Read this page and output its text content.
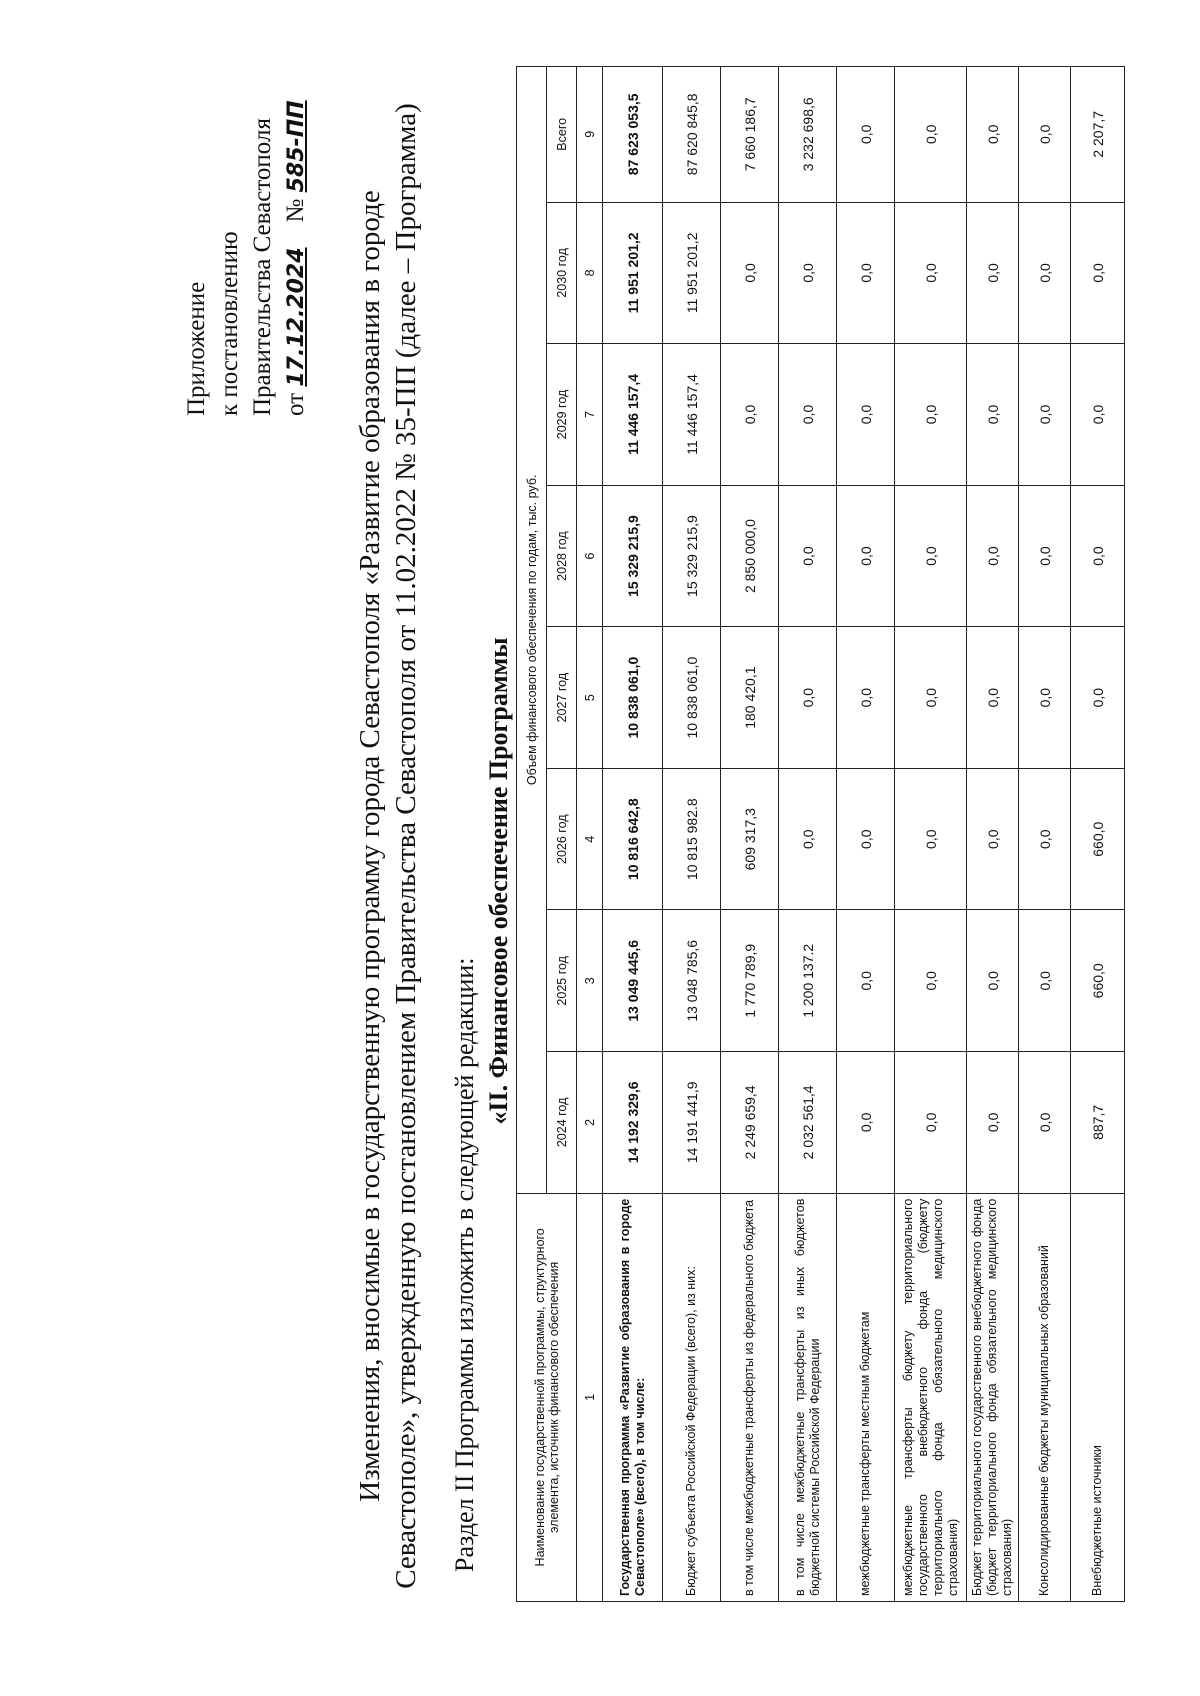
Приложение к постановлению Правительства Севастополя от 17.12.2024    № 585-ПП
Изменения, вносимые в государственную программу города Севастополя «Развитие образования в городе Севастополе», утвержденную постановлением Правительства Севастополя от 11.02.2022 № 35-ПП (далее – Программа) Раздел II Программы изложить в следующей редакции:
«II. Финансовое обеспечение Программы
Наименование государственной программы, структурного элемента, источник финансового обеспечения	Объем финансового обеспечения по годам, тыс. руб.							
	2024 год	2025 год	2026 год	2027 год	2028 год	2029 год	2030 год	Всего
1	2	3	4	5	6	7	8	9
Государственная программа «Развитие образования в городе Севастополе» (всего), в том числе:	14 192 329,6	13 049 445,6	10 816 642,8	10 838 061,0	15 329 215,9	11 446 157,4	11 951 201,2	87 623 053,5
Бюджет субъекта Российской Федерации (всего), из них:	14 191 441,9	13 048 785,6	10 815 982.8	10 838 061,0	15 329 215,9	11 446 157,4	11 951 201,2	87 620 845,8
в том числе межбюджетные трансферты из федерального бюджета	2 249 659,4	1 770 789,9	609 317,3	180 420,1	2 850 000,0	0,0	0,0	7 660 186,7
в том числе межбюджетные трансферты из иных бюджетов бюджетной системы Российской Федерации	2 032 561,4	1 200 137.2	0,0	0,0	0,0	0,0	0,0	3 232 698,6
межбюджетные трансферты местным бюджетам	0,0	0,0	0,0	0,0	0,0	0,0	0,0	0,0
межбюджетные трансферты бюджету территориального государственного внебюджетного фонда (бюджету территориального фонда обязательного медицинского страхования)	0,0	0,0	0,0	0,0	0,0	0,0	0,0	0,0
Бюджет территориального государственного внебюджетного фонда (бюджет территориального фонда обязательного медицинского страхования)	0,0	0,0	0,0	0,0	0,0	0,0	0,0	0,0
Консолидированные бюджеты муниципальных образований	0,0	0,0	0,0	0,0	0,0	0,0	0,0	0,0
Внебюджетные источники	887,7	660,0	660,0	0,0	0,0	0,0	0,0	2 207,7
